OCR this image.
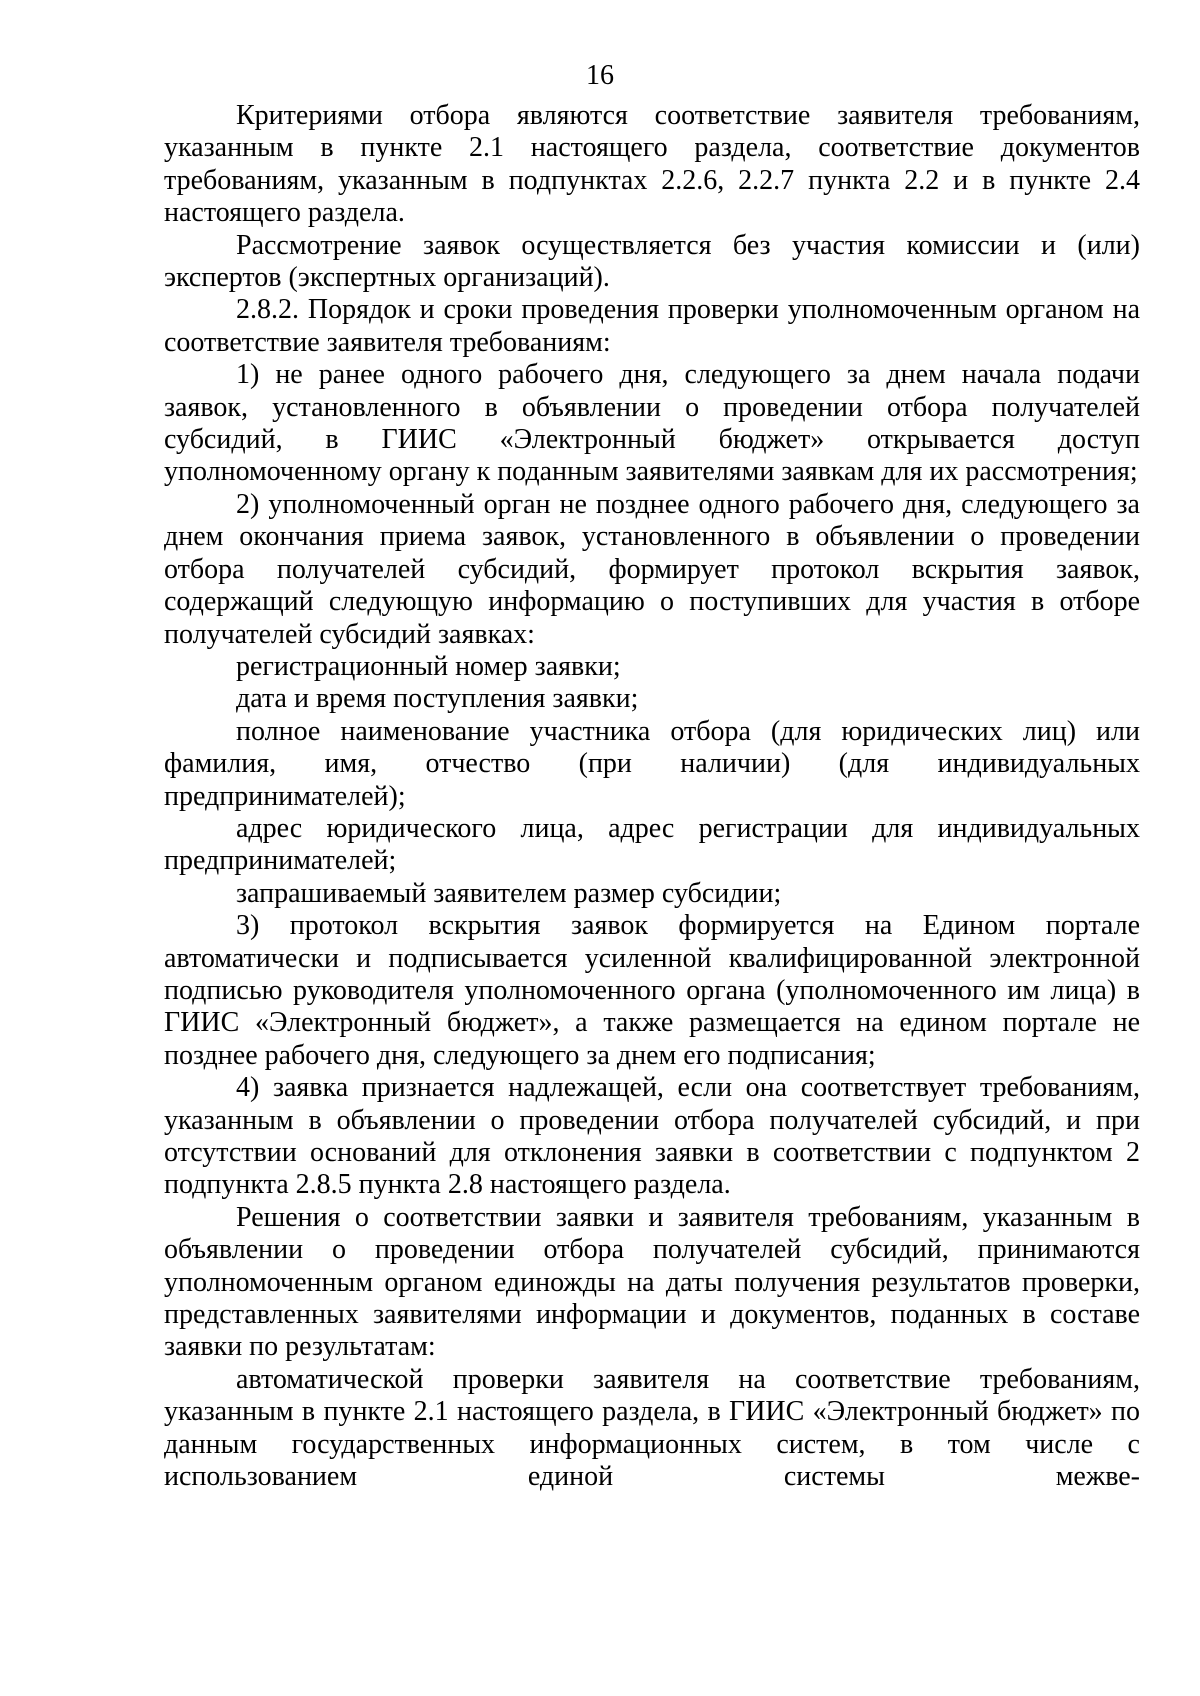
16

Критериями отбора являются соответствие заявителя требованиям, указанным в пункте 2.1 настоящего раздела, соответствие документов требованиям, указанным в подпунктах 2.2.6, 2.2.7 пункта 2.2 и в пункте 2.4 настоящего раздела.

Рассмотрение заявок осуществляется без участия комиссии и (или) экспертов (экспертных организаций).

2.8.2. Порядок и сроки проведения проверки уполномоченным органом на соответствие заявителя требованиям:

1) не ранее одного рабочего дня, следующего за днем начала подачи заявок, установленного в объявлении о проведении отбора получателей субсидий, в ГИИС «Электронный бюджет» открывается доступ уполномоченному органу к поданным заявителями заявкам для их рассмотрения;

2) уполномоченный орган не позднее одного рабочего дня, следующего за днем окончания приема заявок, установленного в объявлении о проведении отбора получателей субсидий, формирует протокол вскрытия заявок, содержащий следующую информацию о поступивших для участия в отборе получателей субсидий заявках:

регистрационный номер заявки;

дата и время поступления заявки;

полное наименование участника отбора (для юридических лиц) или фамилия, имя, отчество (при наличии) (для индивидуальных предпринимателей);

адрес юридического лица, адрес регистрации для индивидуальных предпринимателей;

запрашиваемый заявителем размер субсидии;

3) протокол вскрытия заявок формируется на Едином портале автоматически и подписывается усиленной квалифицированной электронной подписью руководителя уполномоченного органа (уполномоченного им лица) в ГИИС «Электронный бюджет», а также размещается на едином портале не позднее рабочего дня, следующего за днем его подписания;

4) заявка признается надлежащей, если она соответствует требованиям, указанным в объявлении о проведении отбора получателей субсидий, и при отсутствии оснований для отклонения заявки в соответствии с подпунктом 2 подпункта 2.8.5 пункта 2.8 настоящего раздела.

Решения о соответствии заявки и заявителя требованиям, указанным в объявлении о проведении отбора получателей субсидий, принимаются уполномоченным органом единожды на даты получения результатов проверки, представленных заявителями информации и документов, поданных в составе заявки по результатам:

автоматической проверки заявителя на соответствие требованиям, указанным в пункте 2.1 настоящего раздела, в ГИИС «Электронный бюджет» по данным государственных информационных систем, в том числе с использованием единой системы межве-
